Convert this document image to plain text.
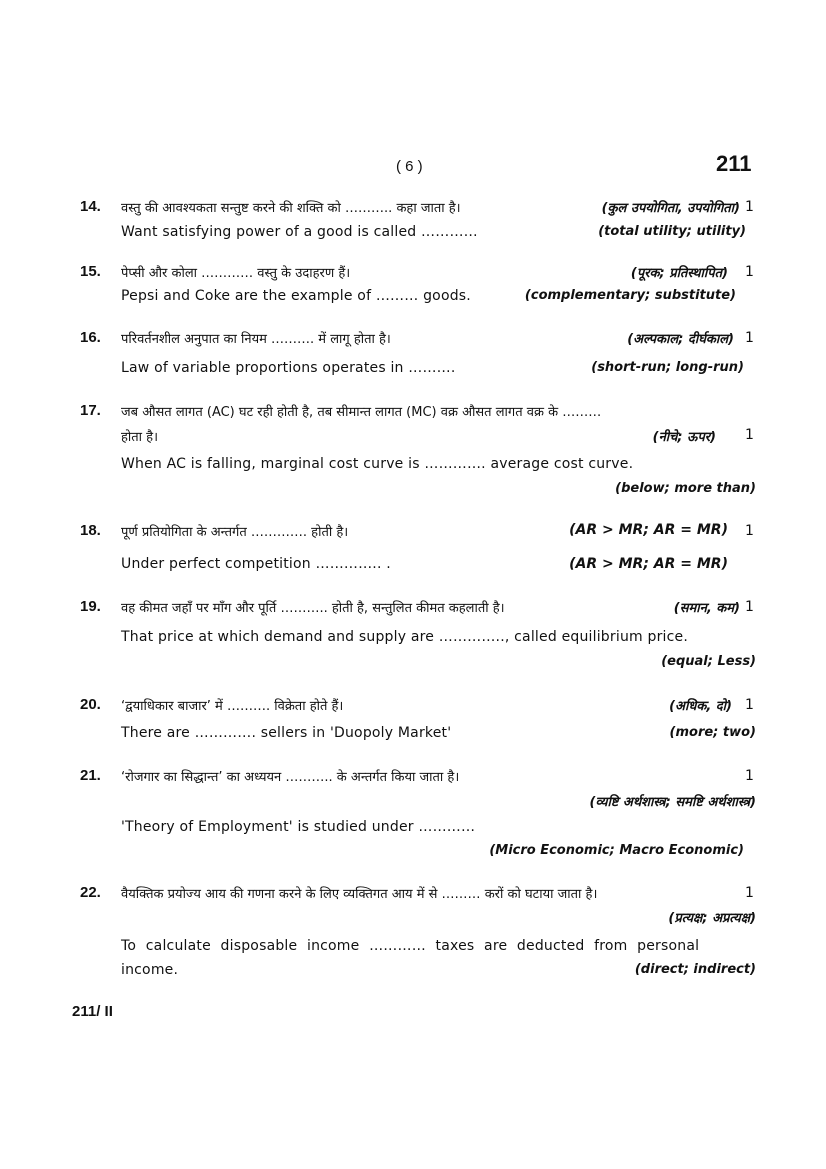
( 6 )	211
14. वस्तु की आवश्यकता सन्तुष्ट करने की शक्ति को ……….. कहा जाता है।	(कुल उपयोगिता, उपयोगिता) 1
Want satisfying power of a good is called …………	(total utility; utility)
15. पेप्सी और कोला ………… वस्तु के उदाहरण हैं।	(पूरक; प्रतिस्थापित) 1
Pepsi and Coke are the example of ……… goods.	(complementary; substitute)
16. परिवर्तनशील अनुपात का नियम ………. में लागू होता है।	(अल्पकाल; दीर्घकाल) 1
Law of variable proportions operates in ……….	(short-run; long-run)
17. जब औसत लागत (AC) घट रही होती है, तब सीमान्त लागत (MC) वक्र औसत लागत वक्र के ………
होता है।	(नीचे; ऊपर) 1
When AC is falling, marginal cost curve is …………. average cost curve.
(below; more than)
18. पूर्ण प्रतियोगिता के अन्तर्गत …………. होती है।	(AR > MR; AR = MR) 1
Under perfect competition ………….. .	(AR > MR; AR = MR)
19. वह कीमत जहाँ पर माँग और पूर्ति ……….. होती है, सन्तुलित कीमत कहलाती है।	(समान, कम) 1
That price at which demand and supply are ………….., called equilibrium price.
(equal; Less)
20. ‘द्वयाधिकार बाजार’ में ………. विक्रेता होते हैं।	(अधिक, दो) 1
There are …………. sellers in 'Duopoly Market'	(more; two)
21. ‘रोजगार का सिद्धान्त’ का अध्ययन ……….. के अन्तर्गत किया जाता है।	1
(व्यष्टि अर्थशास्त्र; समष्टि अर्थशास्त्र)
'Theory of Employment' is studied under …………
(Micro Economic; Macro Economic)
22. वैयक्तिक प्रयोज्य आय की गणना करने के लिए व्यक्तिगत आय में से ……… करों को घटाया जाता है।	1
(प्रत्यक्ष; अप्रत्यक्ष)
To calculate disposable income ………… taxes are deducted from personal
income.	(direct; indirect)
211/ II
